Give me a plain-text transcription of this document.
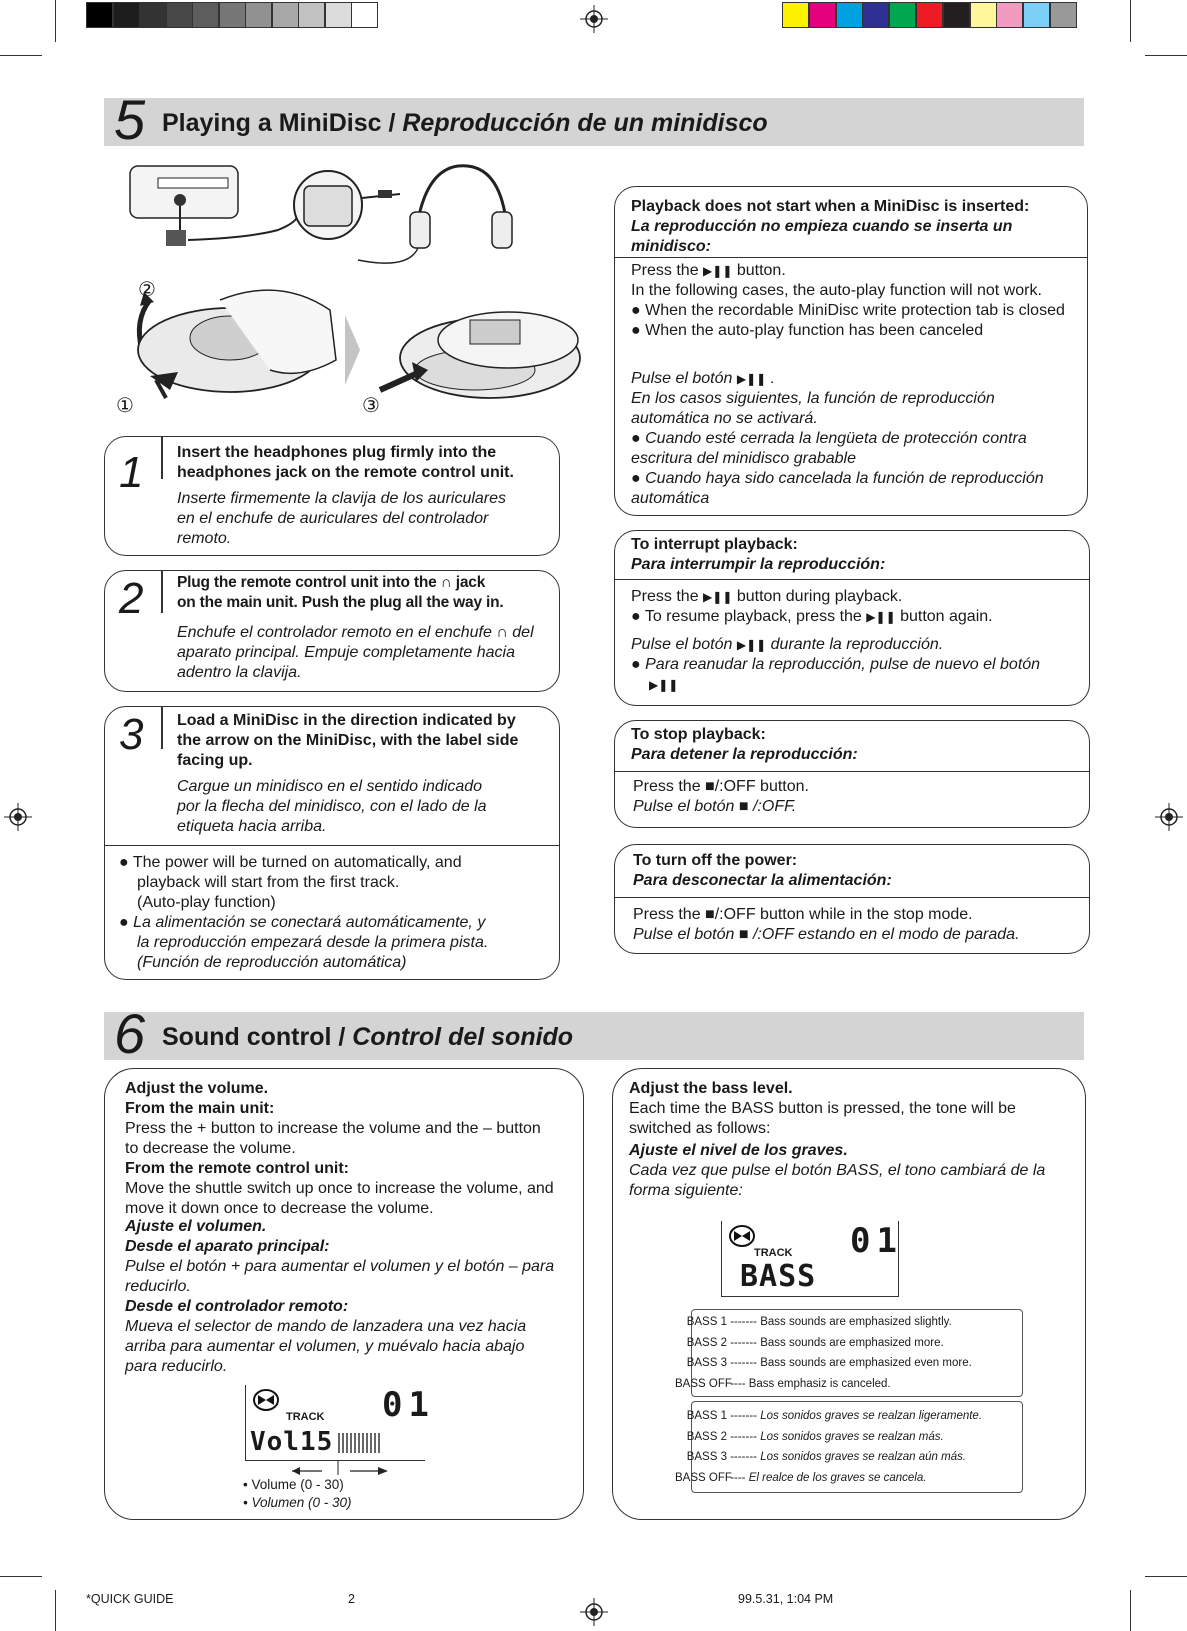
5 Playing a MiniDisc / Reproducción de un minidisco
②
①	③
1 Insert the headphones plug firmly into the headphones jack on the remote control unit.
Inserte firmemente la clavija de los auriculares en el enchufe de auriculares del controlador remoto.
2 Plug the remote control unit into the ∩ jack
on the main unit. Push the plug all the way in.
Enchufe el controlador remoto en el enchufe ∩ del aparato principal. Empuje completamente hacia adentro la clavija.
3 Load a MiniDisc in the direction indicated by the arrow on the MiniDisc, with the label side facing up.
Cargue un minidisco en el sentido indicado por la flecha del minidisco, con el lado de la etiqueta hacia arriba.
● The power will be turned on automatically, and
playback will start from the first track.
(Auto-play function)
● La alimentación se conectará automáticamente, y
la reproducción empezará desde la primera pista.
(Función de reproducción automática)
Playback does not start when a MiniDisc is inserted:
La reproducción no empieza cuando se inserta un minidisco:
Press the ▶❚❚ button.
In the following cases, the auto-play function will not work.
● When the recordable MiniDisc write protection tab is closed
● When the auto-play function has been canceled
Pulse el botón ▶❚❚ .
En los casos siguientes, la función de reproducción automática no se activará.
● Cuando esté cerrada la lengüeta de protección contra escritura del minidisco grabable
● Cuando haya sido cancelada la función de reproducción automática
To interrupt playback:
Para interrumpir la reproducción:
Press the ▶❚❚ button during playback.
● To resume playback, press the ▶❚❚ button again.
Pulse el botón ▶❚❚ durante la reproducción.
● Para reanudar la reproducción, pulse de nuevo el botón
▶❚❚
To stop playback:
Para detener la reproducción:
Press the ■/:OFF button.
Pulse el botón ■ /:OFF.
To turn off the power:
Para desconectar la alimentación:
Press the ■/:OFF button while in the stop mode.
Pulse el botón ■ /:OFF estando en el modo de parada.
6 Sound control / Control del sonido
Adjust the volume.
From the main unit:
Press the + button to increase the volume and the – button to decrease the volume.
From the remote control unit:
Move the shuttle switch up once to increase the volume, and move it down once to decrease the volume.
Ajuste el volumen.
Desde el aparato principal:
Pulse el botón + para aumentar el volumen y el botón – para reducirlo.
Desde el controlador remoto:
Mueva el selector de mando de lanzadera una vez hacia arriba para aumentar el volumen, y muévalo hacia abajo para reducirlo.
TRACK 01
Vol15
• Volume (0 - 30)
• Volumen (0 - 30)
Adjust the bass level.
Each time the BASS button is pressed, the tone will be switched as follows:
Ajuste el nivel de los graves.
Cada vez que pulse el botón BASS, el tono cambiará de la forma siguiente:
TRACK 01
BASS
BASS 1 ------- Bass sounds are emphasized slightly.
BASS 2 ------- Bass sounds are emphasized more.
BASS 3 ------- Bass sounds are emphasized even more.
BASS OFF ---- Bass emphasiz is canceled.
BASS 1 ------- Los sonidos graves se realzan ligeramente.
BASS 2 ------- Los sonidos graves se realzan más.
BASS 3 ------- Los sonidos graves se realzan aún más.
BASS OFF ---- El realce de los graves se cancela.
*QUICK GUIDE	2	99.5.31, 1:04 PM
